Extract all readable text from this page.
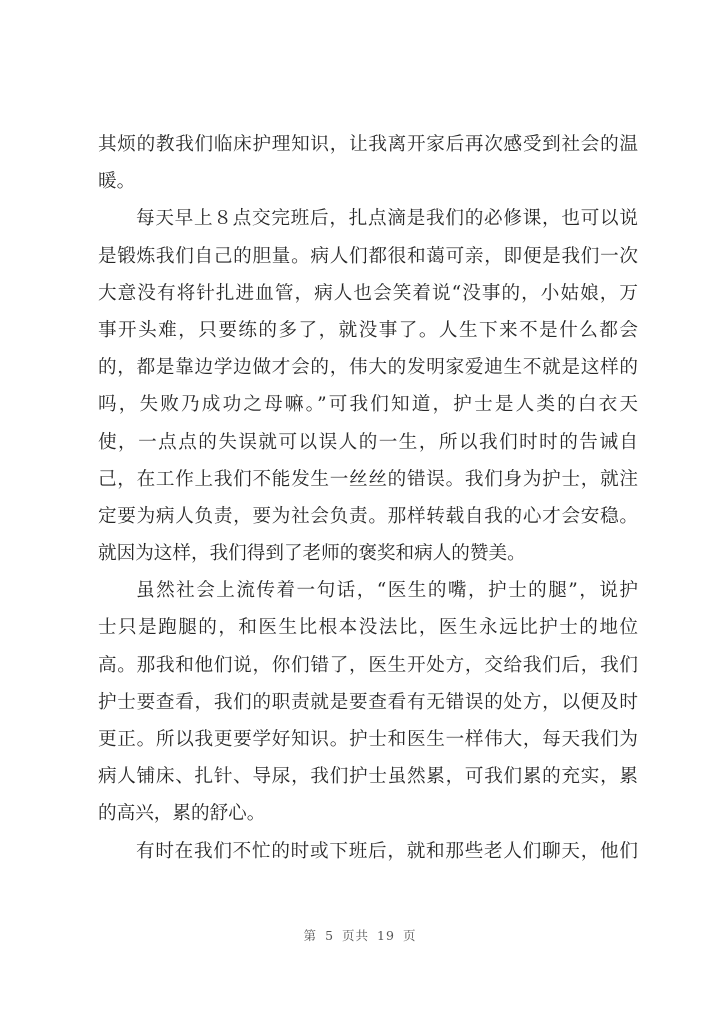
其烦的教我们临床护理知识，让我离开家后再次感受到社会的温
暖。
每天早上８点交完班后，扎点滴是我们的必修课，也可以说
是锻炼我们自己的胆量。病人们都很和蔼可亲，即便是我们一次
大意没有将针扎进血管，病人也会笑着说“没事的，小姑娘，万
事开头难，只要练的多了，就没事了。人生下来不是什么都会
的，都是靠边学边做才会的，伟大的发明家爱迪生不就是这样的
吗，失败乃成功之母嘛。”可我们知道，护士是人类的白衣天
使，一点点的失误就可以误人的一生，所以我们时时的告诫自
己，在工作上我们不能发生一丝丝的错误。我们身为护士，就注
定要为病人负责，要为社会负责。那样转载自我的心才会安稳。
就因为这样，我们得到了老师的褒奖和病人的赞美。
虽然社会上流传着一句话，“医生的嘴，护士的腿”，说护
士只是跑腿的，和医生比根本没法比，医生永远比护士的地位
高。那我和他们说，你们错了，医生开处方，交给我们后，我们
护士要查看，我们的职责就是要查看有无错误的处方，以便及时
更正。所以我更要学好知识。护士和医生一样伟大，每天我们为
病人铺床、扎针、导尿，我们护士虽然累，可我们累的充实，累
的高兴，累的舒心。
有时在我们不忙的时或下班后，就和那些老人们聊天，他们
第 5 页共 19 页
